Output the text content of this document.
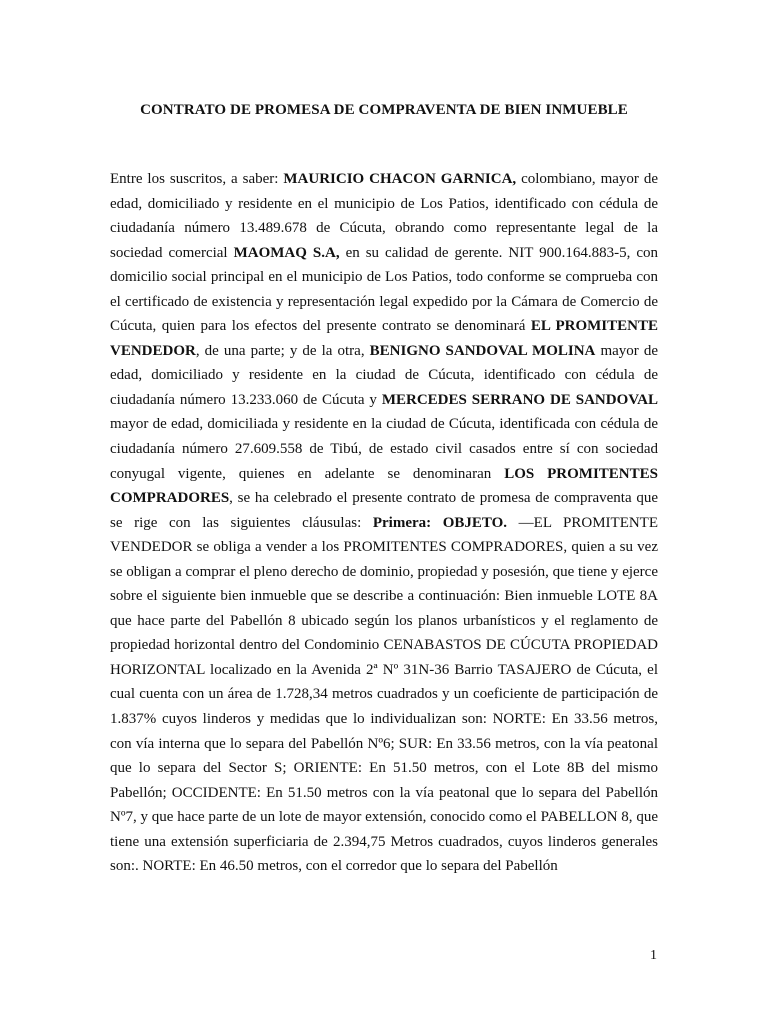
CONTRATO DE PROMESA DE COMPRAVENTA DE BIEN INMUEBLE
Entre los suscritos, a saber: MAURICIO CHACON GARNICA, colombiano, mayor de edad, domiciliado y residente en el municipio de Los Patios, identificado con cédula de ciudadanía número 13.489.678 de Cúcuta, obrando como representante legal de la sociedad comercial MAOMAQ S.A, en su calidad de gerente. NIT 900.164.883-5, con domicilio social principal en el municipio de Los Patios, todo conforme se comprueba con el certificado de existencia y representación legal expedido por la Cámara de Comercio de Cúcuta, quien para los efectos del presente contrato se denominará EL PROMITENTE VENDEDOR, de una parte; y de la otra, BENIGNO SANDOVAL MOLINA mayor de edad, domiciliado y residente en la ciudad de Cúcuta, identificado con cédula de ciudadanía número 13.233.060 de Cúcuta y MERCEDES SERRANO DE SANDOVAL mayor de edad, domiciliada y residente en la ciudad de Cúcuta, identificada con cédula de ciudadanía número 27.609.558 de Tibú, de estado civil casados entre sí con sociedad conyugal vigente, quienes en adelante se denominaran LOS PROMITENTES COMPRADORES, se ha celebrado el presente contrato de promesa de compraventa que se rige con las siguientes cláusulas: Primera: OBJETO. —EL PROMITENTE VENDEDOR se obliga a vender a los PROMITENTES COMPRADORES, quien a su vez se obligan a comprar el pleno derecho de dominio, propiedad y posesión, que tiene y ejerce sobre el siguiente bien inmueble que se describe a continuación: Bien inmueble LOTE 8A que hace parte del Pabellón 8 ubicado según los planos urbanísticos y el reglamento de propiedad horizontal dentro del Condominio CENABASTOS DE CÚCUTA PROPIEDAD HORIZONTAL localizado en la Avenida 2ª Nº 31N-36 Barrio TASAJERO de Cúcuta, el cual cuenta con un área de 1.728,34 metros cuadrados y un coeficiente de participación de 1.837% cuyos linderos y medidas que lo individualizan son: NORTE: En 33.56 metros, con vía interna que lo separa del Pabellón Nº6; SUR: En 33.56 metros, con la vía peatonal que lo separa del Sector S; ORIENTE: En 51.50 metros, con el Lote 8B del mismo Pabellón; OCCIDENTE: En 51.50 metros con la vía peatonal que lo separa del Pabellón Nº7, y que hace parte de un lote de mayor extensión, conocido como el PABELLON 8, que tiene una extensión superficiaria de 2.394,75 Metros cuadrados, cuyos linderos generales son:. NORTE: En 46.50 metros, con el corredor que lo separa del Pabellón
1
